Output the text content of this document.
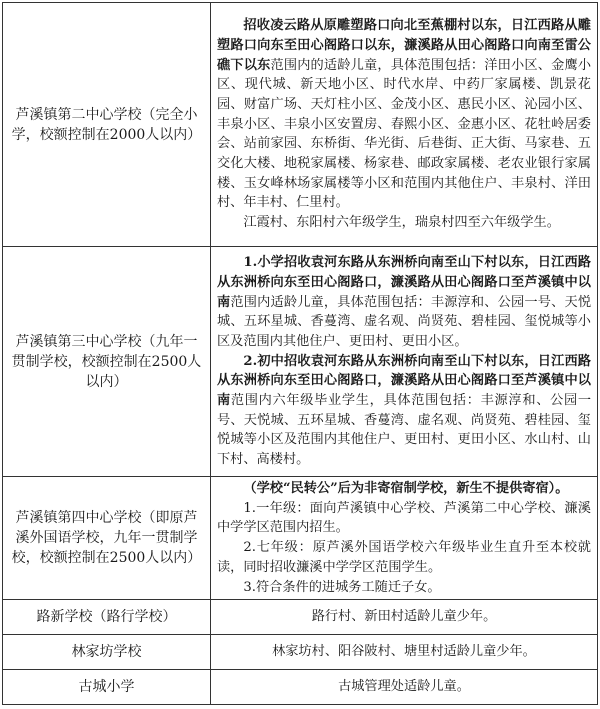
芦溪镇第二中心学校（完全小学，校额控制在2000人以内）	招收凌云路从原雕塑路口向北至蕉棚村以东，日江西路从雕塑路口向东至田心阁路口以东，濂溪路从田心阁路口向南至雷公礁下以东范围内的适龄儿童，具体范围包括：洋田小区、金鹰小区、现代城、新天地小区、时代水岸、中药厂家属楼、凯景花园、财富广场、天灯柱小区、金茂小区、惠民小区、沁园小区、丰泉小区、丰泉小区安置房、春熙小区、金惠小区、花牡岭居委会、站前家园、东桥街、华光街、后巷街、正大街、马家巷、五交化大楼、地税家属楼、杨家巷、邮政家属楼、老农业银行家属楼、玉女峰林场家属楼等小区和范围内其他住户、丰泉村、洋田村、年丰村、仁里村。

江霞村、东阳村六年级学生，瑞泉村四至六年级学生。

芦溪镇第三中心学校（九年一贯制学校，校额控制在2500人以内）	1.小学招收袁河东路从东洲桥向南至山下村以东，日江西路从东洲桥向东至田心阁路口，濂溪路从田心阁路口至芦溪镇中以南范围内适龄儿童，具体范围包括：丰源淳和、公园一号、天悦城、五环星城、香蔓湾、虚名观、尚贤苑、碧桂园、玺悦城等小区及范围内其他住户、更田村、更田小区。

2.初中招收袁河东路从东洲桥向南至山下村以东，日江西路从东洲桥向东至田心阁路口，濂溪路从田心阁路口至芦溪镇中以南范围内六年级毕业学生，具体范围包括：丰源淳和、公园一号、天悦城、五环星城、香蔓湾、虚名观、尚贤苑、碧桂园、玺悦城等小区及范围内其他住户、更田村、更田小区、水山村、山下村、高楼村。

芦溪镇第四中心学校（即原芦溪外国语学校，九年一贯制学校，校额控制在2500人以内）	（学校“民转公”后为非寄宿制学校，新生不提供寄宿）。

1.一年级：面向芦溪镇中心学校、芦溪第二中心学校、濂溪中学学区范围内招生。

2.七年级：原芦溪外国语学校六年级毕业生直升至本校就读，同时招收濂溪中学学区范围学生。

3.符合条件的进城务工随迁子女。

路新学校（路行学校）	路行村、新田村适龄儿童少年。

林家坊学校	林家坊村、阳谷陂村、塘里村适龄儿童少年。

古城小学	古城管理处适龄儿童。
